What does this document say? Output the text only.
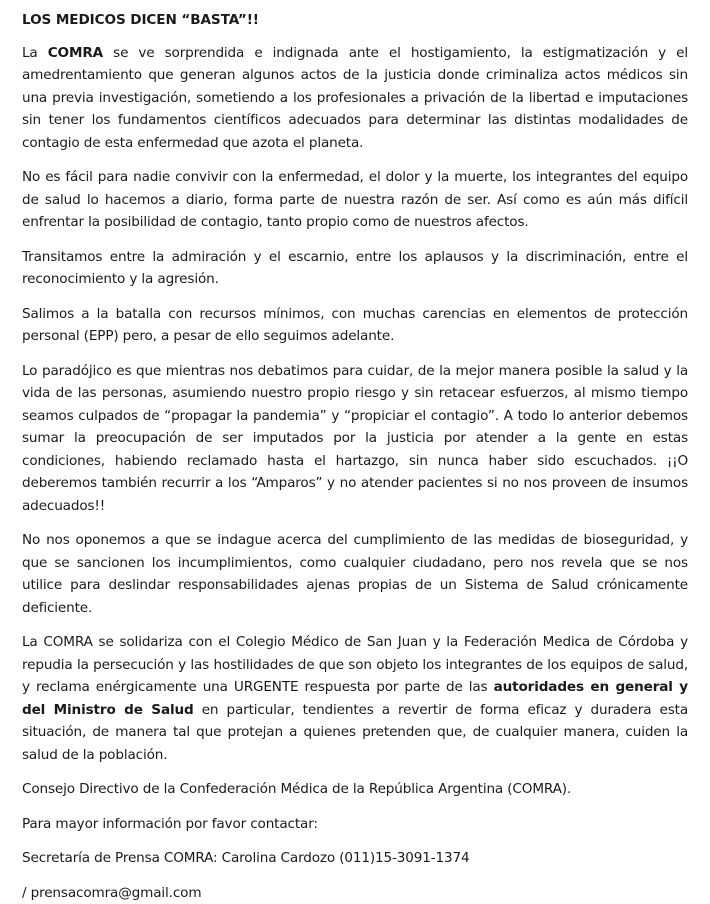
LOS MEDICOS DICEN “BASTA”!!

La COMRA se ve sorprendida e indignada ante el hostigamiento, la estigmatización y el amedrentamiento que generan algunos actos de la justicia donde criminaliza actos médicos sin una previa investigación, sometiendo a los profesionales a privación de la libertad e imputaciones sin tener los fundamentos científicos adecuados para determinar las distintas modalidades de contagio de esta enfermedad que azota el planeta.

No es fácil para nadie convivir con la enfermedad, el dolor y la muerte, los integrantes del equipo de salud lo hacemos a diario, forma parte de nuestra razón de ser. Así como es aún más difícil enfrentar la posibilidad de contagio, tanto propio como de nuestros afectos.

Transitamos entre la admiración y el escarnio, entre los aplausos y la discriminación, entre el reconocimiento y la agresión.

Salimos a la batalla con recursos mínimos, con muchas carencias en elementos de protección personal (EPP) pero, a pesar de ello seguimos adelante.

Lo paradójico es que mientras nos debatimos para cuidar, de la mejor manera posible la salud y la vida de las personas, asumiendo nuestro propio riesgo y sin retacear esfuerzos, al mismo tiempo seamos culpados de “propagar la pandemia” y “propiciar el contagio”. A todo lo anterior debemos sumar la preocupación de ser imputados por la justicia por atender a la gente en estas condiciones, habiendo reclamado hasta el hartazgo, sin nunca haber sido escuchados. ¡¡O deberemos también recurrir a los “Amparos” y no atender pacientes si no nos proveen de insumos adecuados!!

No nos oponemos a que se indague acerca del cumplimiento de las medidas de bioseguridad, y que se sancionen los incumplimientos, como cualquier ciudadano, pero nos revela que se nos utilice para deslindar responsabilidades ajenas propias de un Sistema de Salud crónicamente deficiente.

La COMRA se solidariza con el Colegio Médico de San Juan y la Federación Medica de Córdoba y repudia la persecución y las hostilidades de que son objeto los integrantes de los equipos de salud, y reclama enérgicamente una URGENTE respuesta por parte de las autoridades en general y del Ministro de Salud en particular, tendientes a revertir de forma eficaz y duradera esta situación, de manera tal que protejan a quienes pretenden que, de cualquier manera, cuiden la salud de la población.

Consejo Directivo de la Confederación Médica de la República Argentina (COMRA).

Para mayor información por favor contactar:

Secretaría de Prensa COMRA: Carolina Cardozo (011)15-3091-1374

/ prensacomra@gmail.com
